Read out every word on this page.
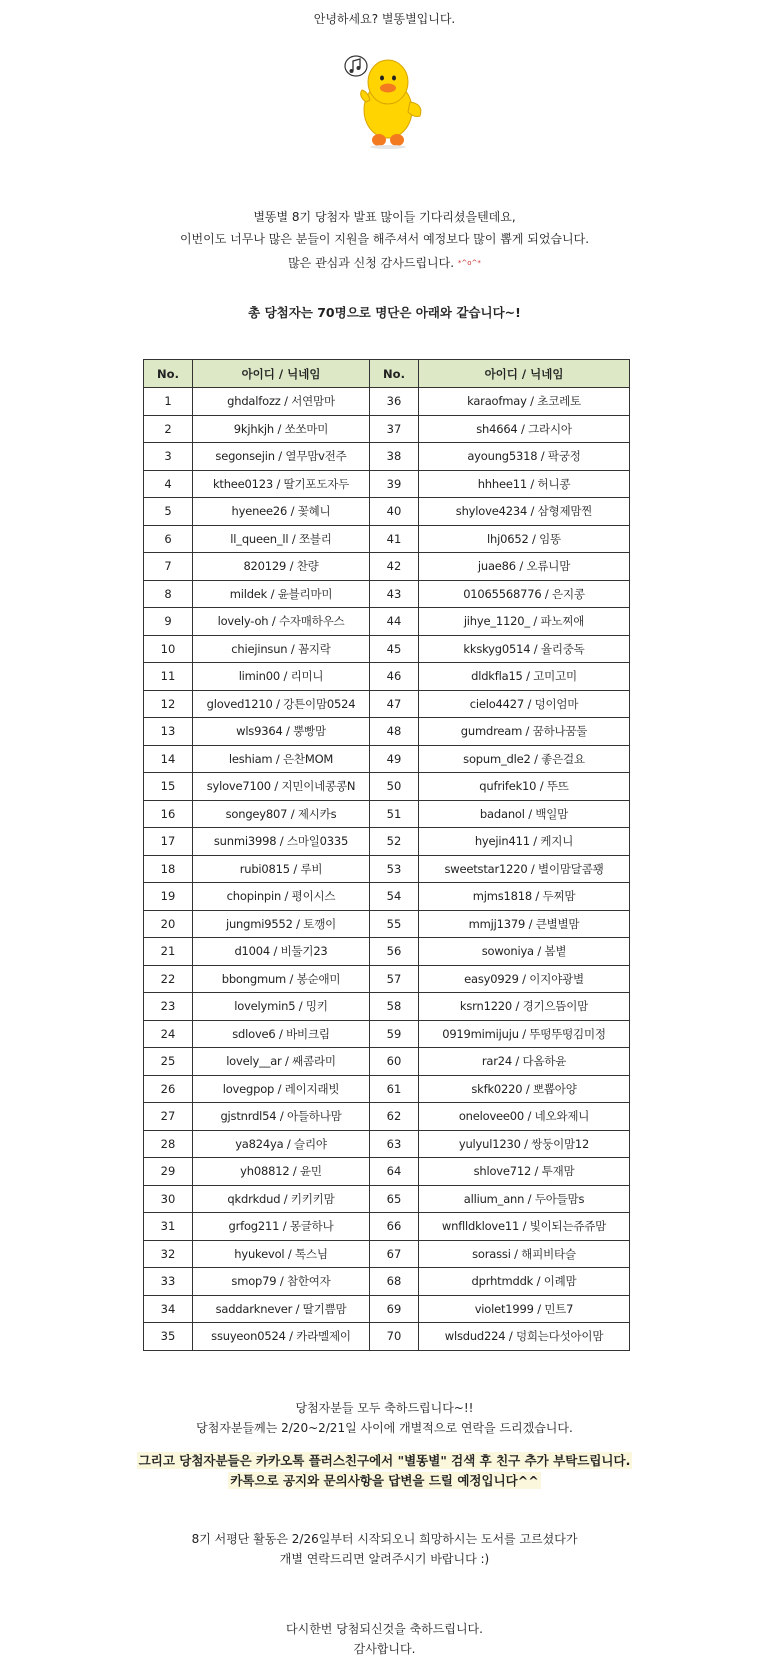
안녕하세요? 별똥별입니다.
별똥별 8기 당첨자 발표 많이들 기다리셨을텐데요,
이번이도 너무나 많은 분들이 지원을 해주셔서 예정보다 많이 뽑게 되었습니다.
많은 관심과 신청 감사드립니다. $^{*\^{}o\^{}*}$
총 당첨자는 70명으로 명단은 아래와 같습니다~!
No.	아이디 / 닉네임	No.	아이디 / 닉네임
1	ghdalfozz / 서연맘마	36	karaofmay / 초코레토
2	9kjhkjh / 쏘쏘마미	37	sh4664 / 그라시아
3	segonsejin / 열무맘v전주	38	ayoung5318 / 팍궁정
4	kthee0123 / 딸기포도자두	39	hhhee11 / 허니콩
5	hyenee26 / 꽃혜니	40	shylove4234 / 삼형제맘찐
6	ll_queen_ll / 쪼블리	41	lhj0652 / 임똥
7	820129 / 찬량	42	juae86 / 오류니맘
8	mildek / 윤블리마미	43	01065568776 / 은지콩
9	lovely-oh / 수자매하우스	44	jihye_1120_ / 파노찌애
10	chiejinsun / 꼼지락	45	kkskyg0514 / 율리중독
11	limin00 / 리미니	46	dldkfla15 / 고미고미
12	gloved1210 / 강튼이맘0524	47	cielo4427 / 덩이엄마
13	wls9364 / 뿡빵맘	48	gumdream / 꿈하나꿈둘
14	leshiam / 은찬MOM	49	sopum_dle2 / 좋은걸요
15	sylove7100 / 지민이네콩콩N	50	qufrifek10 / 뚜뜨
16	songey807 / 제시카s	51	badanol / 백일맘
17	sunmi3998 / 스마일0335	52	hyejin411 / 케지니
18	rubi0815 / 루비	53	sweetstar1220 / 별이맘달콤꽹
19	chopinpin / 평이시스	54	mjms1818 / 두찌맘
20	jungmi9552 / 토깽이	55	mmjj1379 / 큰별별맘
21	d1004 / 비둘기23	56	sowoniya / 봄볕
22	bbongmum / 봉순애미	57	easy0929 / 이지야광별
23	lovelymin5 / 밍키	58	ksrn1220 / 경기으뜸이맘
24	sdlove6 / 바비크림	59	0919mimijuju / 뚜떵뚜떵김미정
25	lovely__ar / 쌔콤라미	60	rar24 / 다옴하윤
26	lovegpop / 레이지래빗	61	skfk0220 / 뽀뽑아양
27	gjstnrdl54 / 아들하나맘	62	onelovee00 / 네오와제니
28	ya824ya / 슬리야	63	yulyul1230 / 쌍둥이맘12
29	yh08812 / 윤민	64	shlove712 / 투재맘
30	qkdrkdud / 키키키맘	65	allium_ann / 두아들맘s
31	grfog211 / 몽글하나	66	wnflldklove11 / 빛이되는쥬쥬맘
32	hyukevol / 톡스님	67	sorassi / 해피비타슬
33	smop79 / 참한여자	68	dprhtmddk / 이례맘
34	saddarknever / 딸기쁨맘	69	violet1999 / 민트7
35	ssuyeon0524 / 카라멜제이	70	wlsdud224 / 덩희는다섯아이맘
당첨자분들 모두 축하드립니다~!!
당첨자분들께는 2/20~2/21일 사이에 개별적으로 연락을 드리겠습니다.
그리고 당첨자분들은 카카오톡 플러스친구에서 "별똥별" 검색 후 친구 추가 부탁드립니다.
카톡으로 공지와 문의사항을 답변을 드릴 예정입니다^^
8기 서평단 활동은 2/26일부터 시작되오니 희망하시는 도서를 고르셨다가
개별 연락드리면 알려주시기 바랍니다 :)
다시한번 당첨되신것을 축하드립니다.
감사합니다.
